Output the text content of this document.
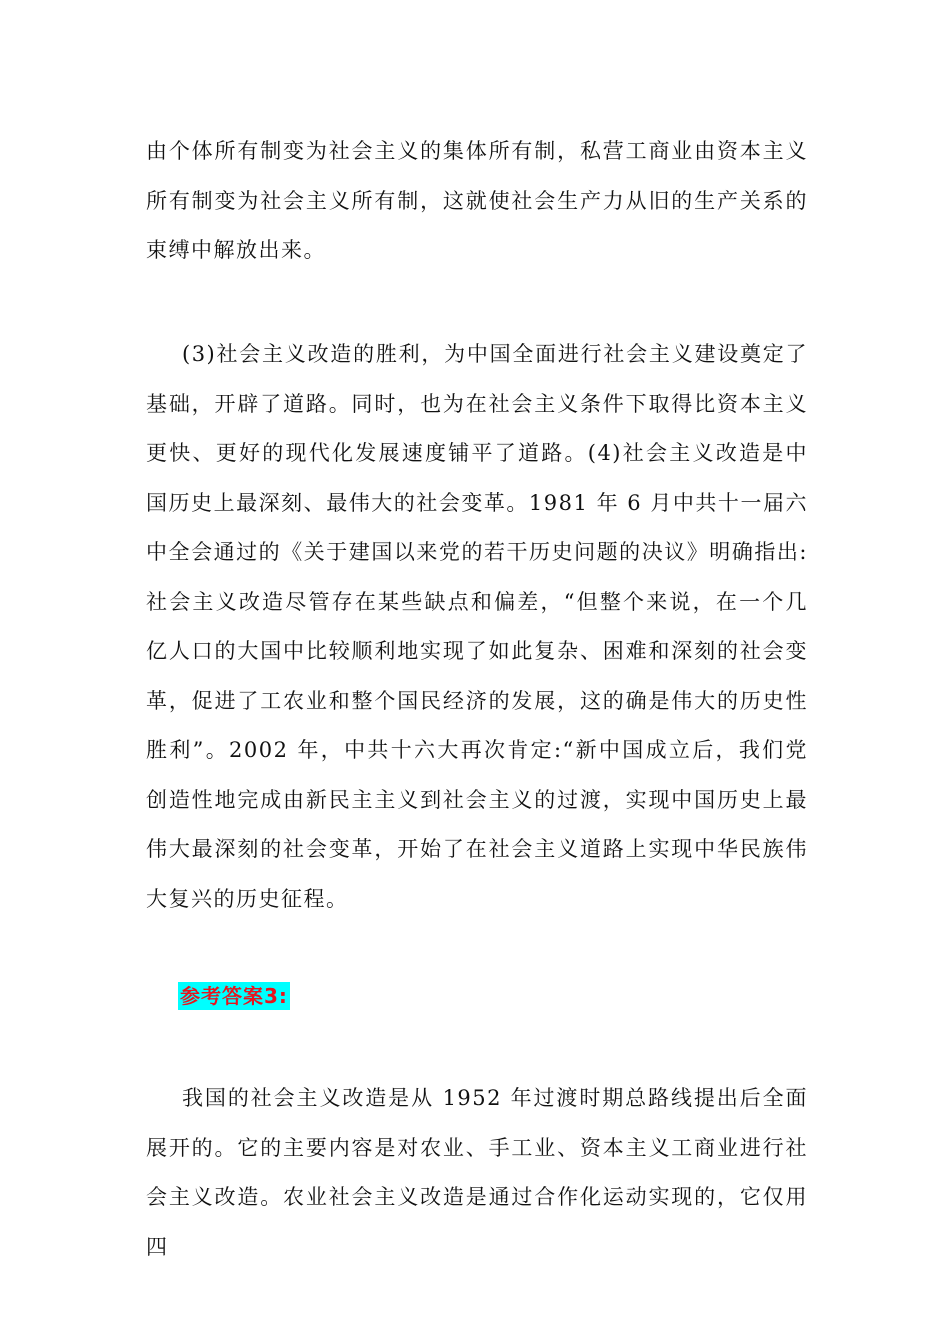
由个体所有制变为社会主义的集体所有制，私营工商业由资本主义所有制变为社会主义所有制，这就使社会生产力从旧的生产关系的束缚中解放出来。

(3)社会主义改造的胜利，为中国全面进行社会主义建设奠定了基础，开辟了道路。同时，也为在社会主义条件下取得比资本主义更快、更好的现代化发展速度铺平了道路。(4)社会主义改造是中国历史上最深刻、最伟大的社会变革。1981 年 6 月中共十一届六中全会通过的《关于建国以来党的若干历史问题的决议》明确指出:社会主义改造尽管存在某些缺点和偏差，“但整个来说，在一个几亿人口的大国中比较顺利地实现了如此复杂、困难和深刻的社会变革，促进了工农业和整个国民经济的发展，这的确是伟大的历史性胜利”。2002 年，中共十六大再次肯定:“新中国成立后，我们党创造性地完成由新民主主义到社会主义的过渡，实现中国历史上最伟大最深刻的社会变革，开始了在社会主义道路上实现中华民族伟大复兴的历史征程。

参考答案3:

我国的社会主义改造是从 1952 年过渡时期总路线提出后全面展开的。它的主要内容是对农业、手工业、资本主义工商业进行社会主义改造。农业社会主义改造是通过合作化运动实现的，它仅用四
